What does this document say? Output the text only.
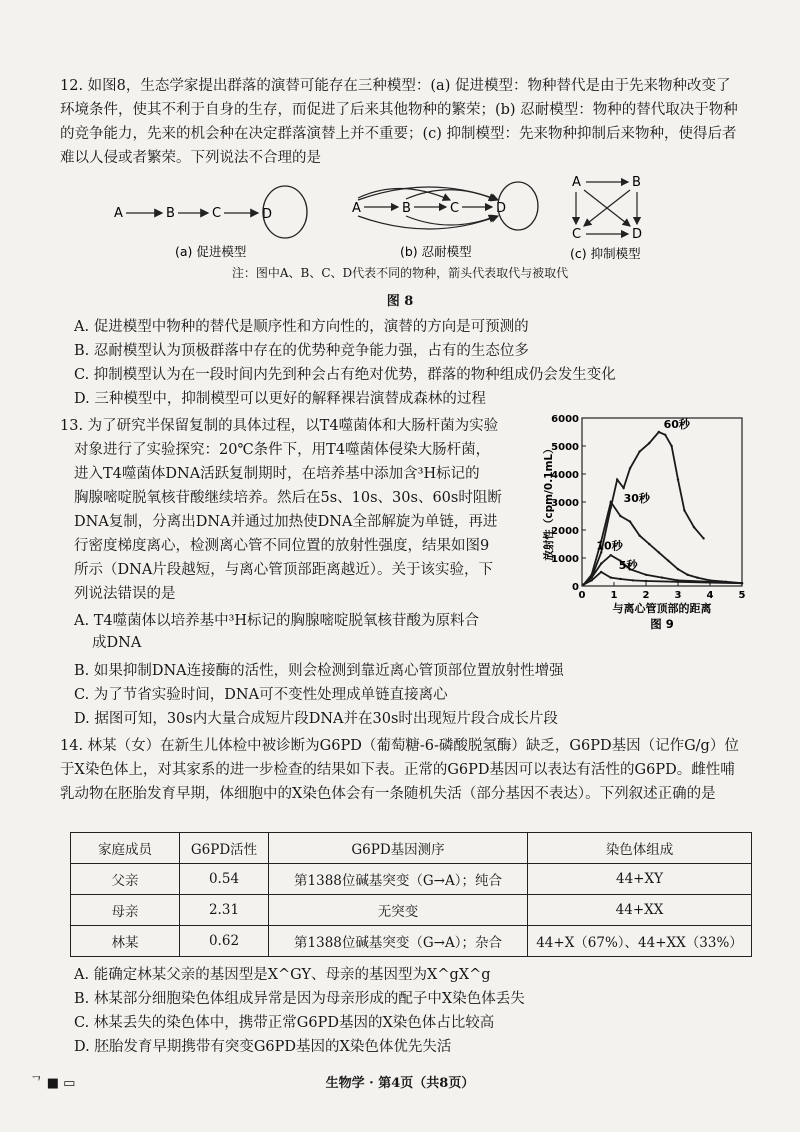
12. 如图8，生态学家提出群落的演替可能存在三种模型：(a) 促进模型：物种替代是由于先来物种改变了环境条件，使其不利于自身的生存，而促进了后来其他物种的繁荣；(b) 忍耐模型：物种的替代取决于物种的竞争能力，先来的机会种在决定群落演替上并不重要；(c) 抑制模型：先来物种抑制后来物种，使得后者难以人侵或者繁荣。下列说法不合理的是
A	B	C	D
(a) 促进模型
A	B	C	D
(b) 忍耐模型
A	B
C	D
(c) 抑制模型
注：图中A、B、C、D代表不同的物种，箭头代表取代与被取代
图 8
A. 促进模型中物种的替代是顺序性和方向性的，演替的方向是可预测的
B. 忍耐模型认为顶极群落中存在的优势种竞争能力强，占有的生态位多
C. 抑制模型认为在一段时间内先到种会占有绝对优势，群落的物种组成仍会发生变化
D. 三种模型中，抑制模型可以更好的解释裸岩演替成森林的过程
13. 为了研究半保留复制的具体过程，以T4噬菌体和大肠杆菌为实验
对象进行了实验探究：20℃条件下，用T4噬菌体侵染大肠杆菌，
进入T4噬菌体DNA活跃复制期时，在培养基中添加含³H标记的
胸腺嘧啶脱氧核苷酸继续培养。然后在5s、10s、30s、60s时阻断
DNA复制，分离出DNA并通过加热使DNA全部解旋为单链，再进
行密度梯度离心，检测离心管不同位置的放射性强度，结果如图9
所示（DNA片段越短，与离心管顶部距离越近）。关于该实验，下
列说法错误的是	0
1000
2000
3000
4000
5000
6000
0	1	2	3	4	5
与离心管顶部的距离
放射性（cpm/0.1mL）
图 9
60秒
30秒
10秒
5秒
A. T4噬菌体以培养基中³H标记的胸腺嘧啶脱氧核苷酸为原料合
成DNA
B. 如果抑制DNA连接酶的活性，则会检测到靠近离心管顶部位置放射性增强
C. 为了节省实验时间，DNA可不变性处理成单链直接离心
D. 据图可知，30s内大量合成短片段DNA并在30s时出现短片段合成长片段
14. 林某（女）在新生儿体检中被诊断为G6PD（葡萄糖-6-磷酸脱氢酶）缺乏，G6PD基因（记作G/g）位于X染色体上，对其家系的进一步检查的结果如下表。正常的G6PD基因可以表达有活性的G6PD。雌性哺乳动物在胚胎发育早期，体细胞中的X染色体会有一条随机失活（部分基因不表达）。下列叙述正确的是
家庭成员	G6PD活性	G6PD基因测序	染色体组成
父亲	0.54	第1388位碱基突变（G→A）；纯合	44+XY
母亲	2.31	无突变	44+XX
林某	0.62	第1388位碱基突变（G→A）；杂合	44+X（67%）、44+XX（33%）
A. 能确定林某父亲的基因型是X^GY、母亲的基因型为X^gX^g
B. 林某部分细胞染色体组成异常是因为母亲形成的配子中X染色体丢失
C. 林某丢失的染色体中，携带正常G6PD基因的X染色体占比较高
D. 胚胎发育早期携带有突变G6PD基因的X染色体优先失活
ᄀ ■ ▭	生物学 · 第4页（共8页）
